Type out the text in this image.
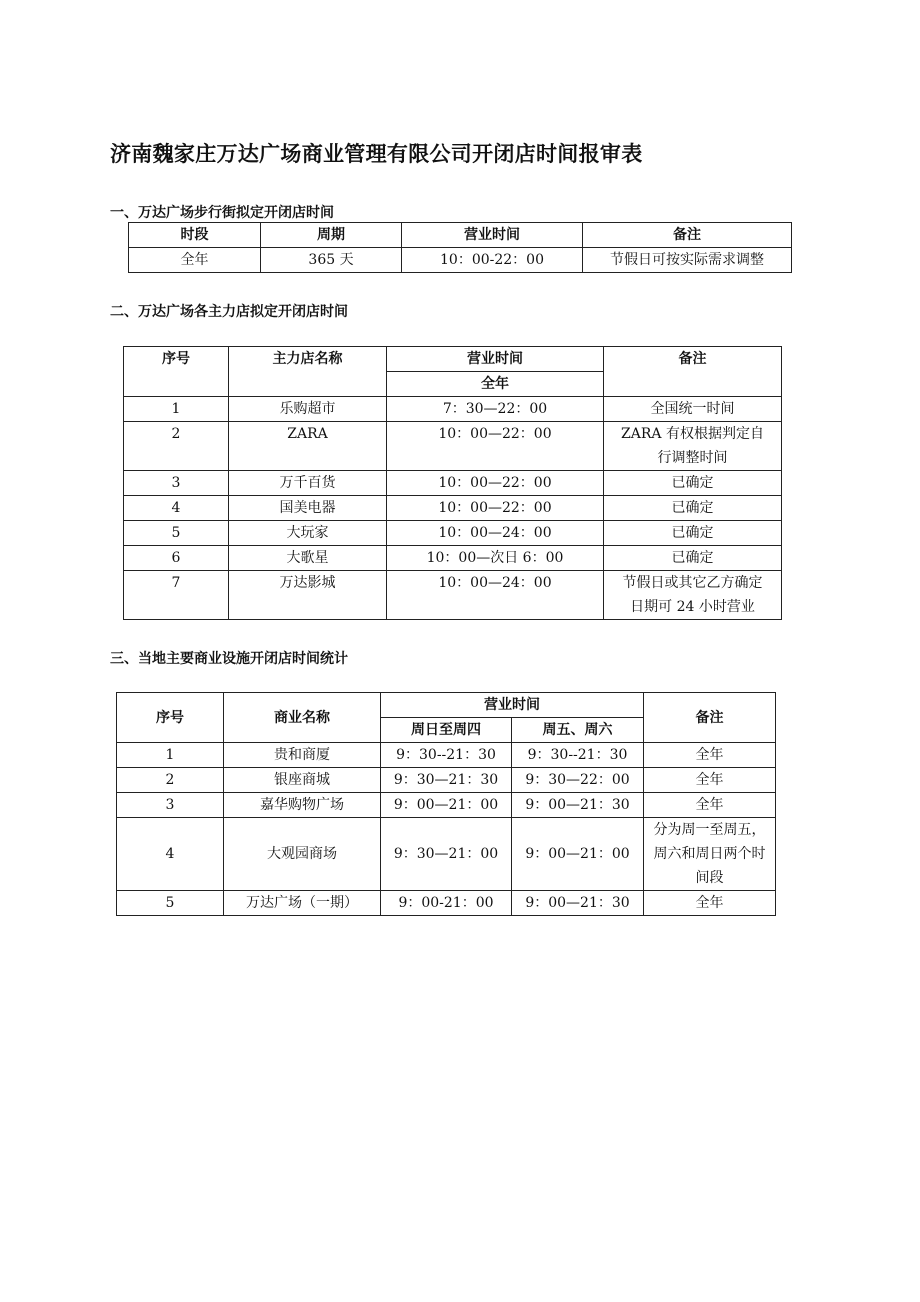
济南魏家庄万达广场商业管理有限公司开闭店时间报审表
一、万达广场步行街拟定开闭店时间
时段	周期	营业时间	备注
全年	365 天	10：00-22：00	节假日可按实际需求调整
二、万达广场各主力店拟定开闭店时间
序号	主力店名称	营业时间	备注
		全年	
1	乐购超市	7：30—22：00	全国统一时间
2	ZARA	10：00—22：00	ZARA 有权根据判定自行调整时间
3	万千百货	10：00—22：00	已确定
4	国美电器	10：00—22：00	已确定
5	大玩家	10：00—24：00	已确定
6	大歌星	10：00—次日 6：00	已确定
7	万达影城	10：00—24：00	节假日或其它乙方确定日期可 24 小时营业
三、当地主要商业设施开闭店时间统计
序号	商业名称	营业时间		备注
		周日至周四	周五、周六	
1	贵和商厦	9：30--21：30	9：30--21：30	全年
2	银座商城	9：30—21：30	9：30—22：00	全年
3	嘉华购物广场	9：00—21：00	9：00—21：30	全年
4	大观园商场	9：30—21：00	9：00—21：00	分为周一至周五，周六和周日两个时间段
5	万达广场（一期）	9：00-21：00	9：00—21：30	全年
